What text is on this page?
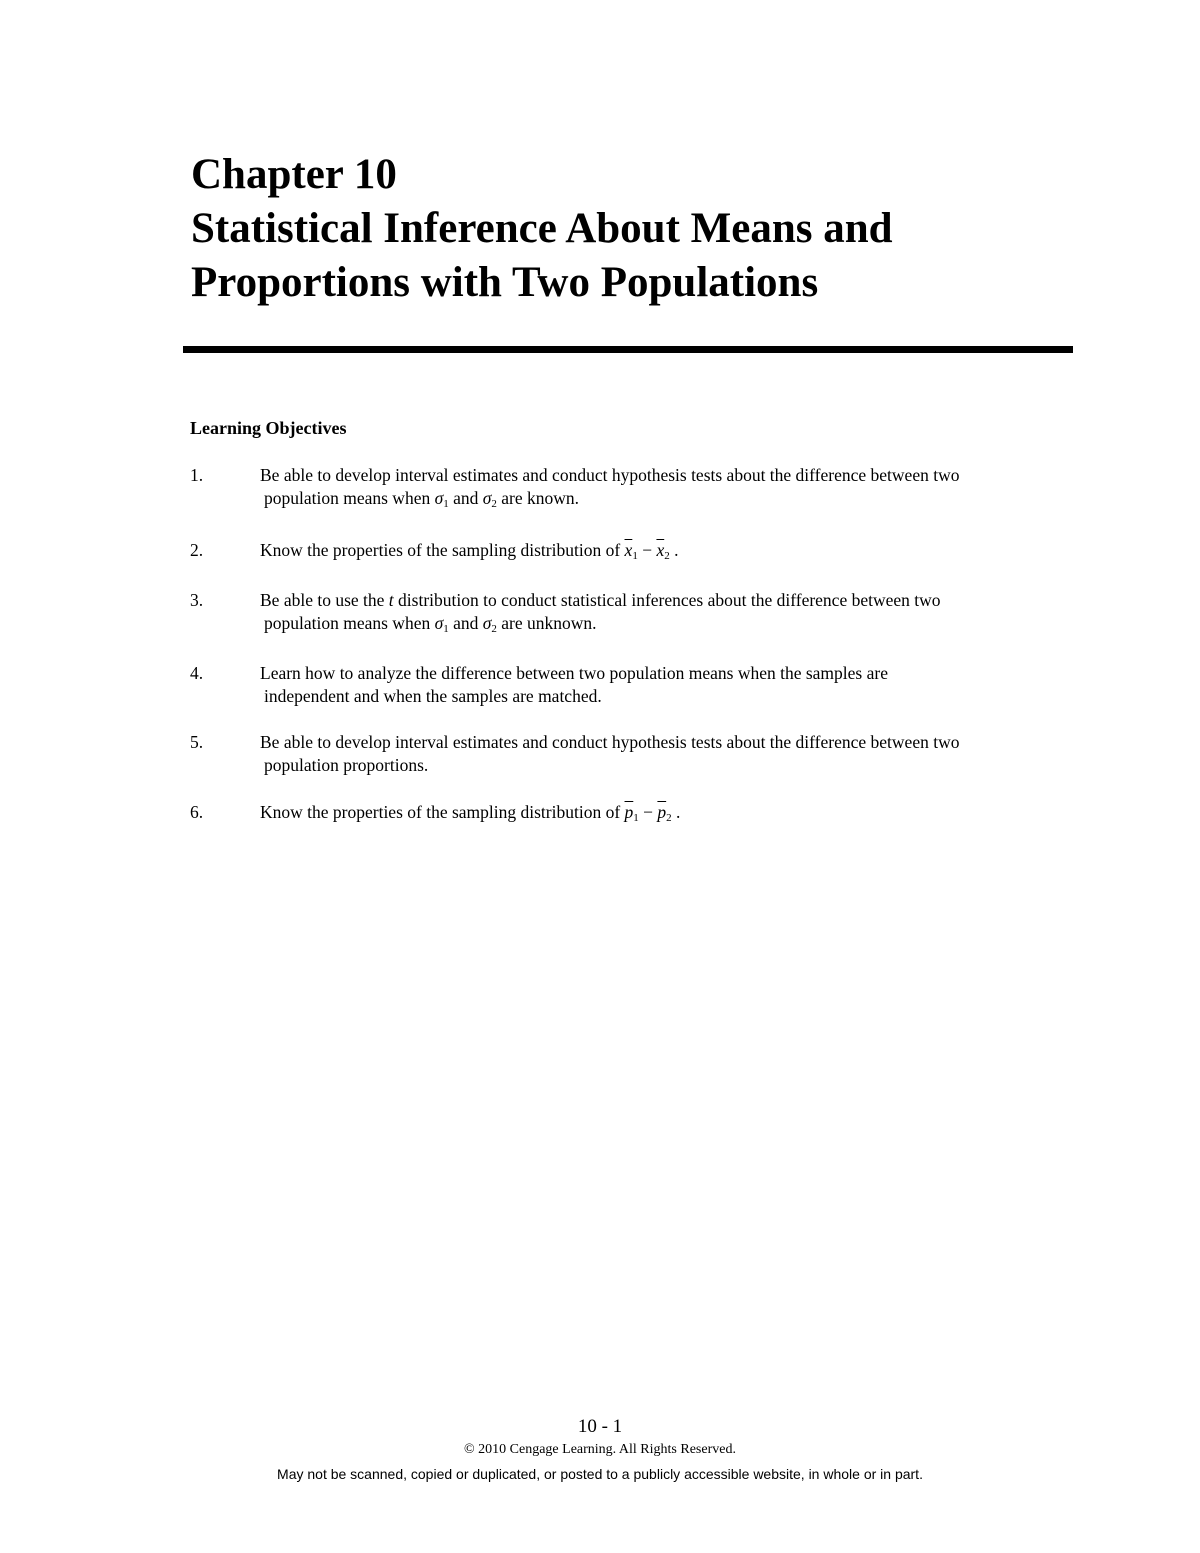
Chapter 10
Statistical Inference About Means and
Proportions with Two Populations
Learning Objectives
1.	Be able to develop interval estimates and conduct hypothesis tests about the difference between two
population means when $\sigma_1$ and $\sigma_2$ are known.
2.	Know the properties of the sampling distribution of $\overline{x}_1 - \overline{x}_2$ .
3.	Be able to use the t distribution to conduct statistical inferences about the difference between two
population means when $\sigma_1$ and $\sigma_2$ are unknown.
4.	Learn how to analyze the difference between two population means when the samples are
independent and when the samples are matched.
5.	Be able to develop interval estimates and conduct hypothesis tests about the difference between two
population proportions.
6.	Know the properties of the sampling distribution of $\overline{p}_1 - \overline{p}_2$ .
10 - 1
© 2010 Cengage Learning. All Rights Reserved.
May not be scanned, copied or duplicated, or posted to a publicly accessible website, in whole or in part.
